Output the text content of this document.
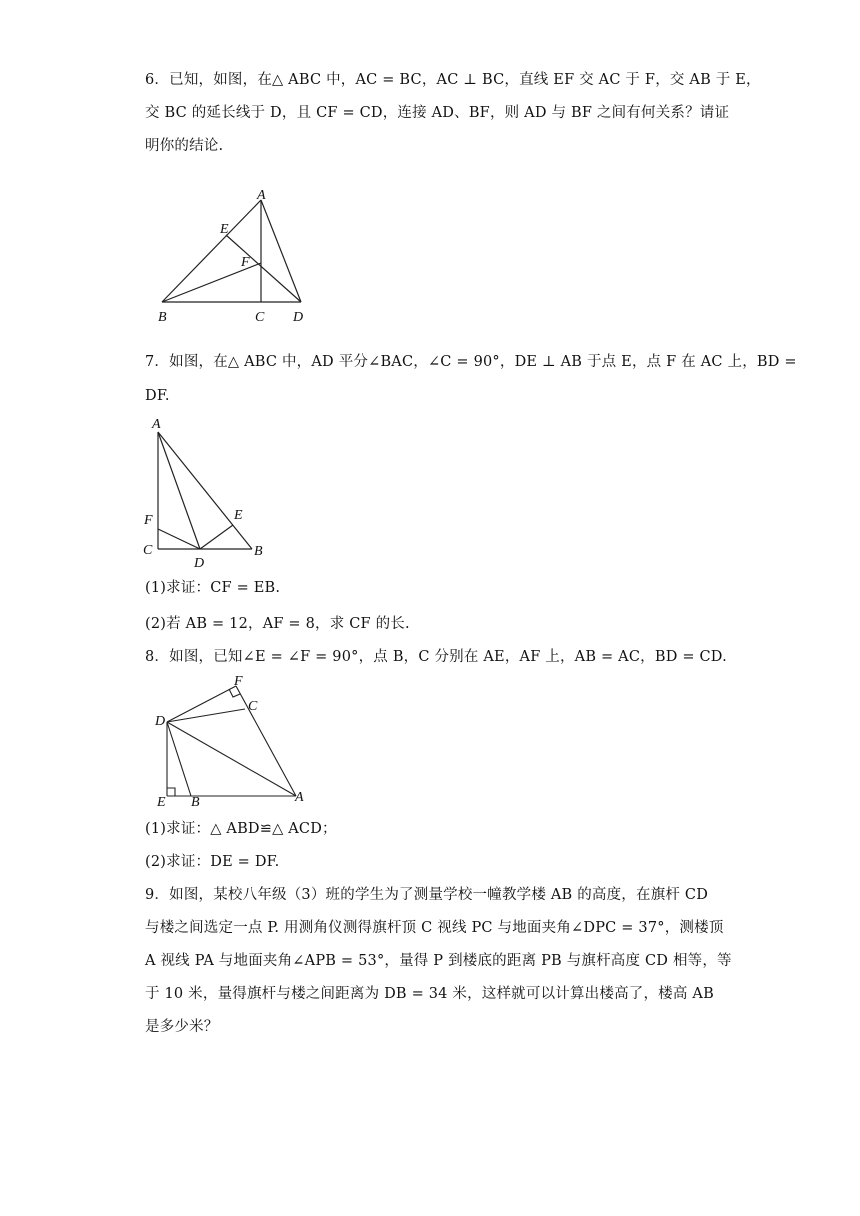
6．已知，如图，在△ ABC 中，AC = BC，AC ⊥ BC，直线 EF 交 AC 于 F，交 AB 于 E，
交 BC 的延长线于 D，且 CF = CD，连接 AD、BF，则 AD 与 BF 之间有何关系？请证
明你的结论.
A
E
F
B	C D
7．如图，在△ ABC 中，AD 平分∠BAC，∠C = 90°，DE ⊥ AB 于点 E，点 F 在 AC 上，BD =
DF.
A
F	E
C
D
B
(1)求证：CF = EB.
(2)若 AB = 12，AF = 8，求 CF 的长.
8．如图，已知∠E = ∠F = 90°，点 B，C 分别在 AE，AF 上，AB = AC，BD = CD.
F
C
D
E B	A
(1)求证：△ ABD≌△ ACD；
(2)求证：DE = DF.
9．如图，某校八年级（3）班的学生为了测量学校一幢教学楼 AB 的高度，在旗杆 CD
与楼之间选定一点 P. 用测角仪测得旗杆顶 C 视线 PC 与地面夹角∠DPC = 37°，测楼顶
A 视线 PA 与地面夹角∠APB = 53°，量得 P 到楼底的距离 PB 与旗杆高度 CD 相等，等
于 10 米，量得旗杆与楼之间距离为 DB = 34 米，这样就可以计算出楼高了，楼高 AB
是多少米？
